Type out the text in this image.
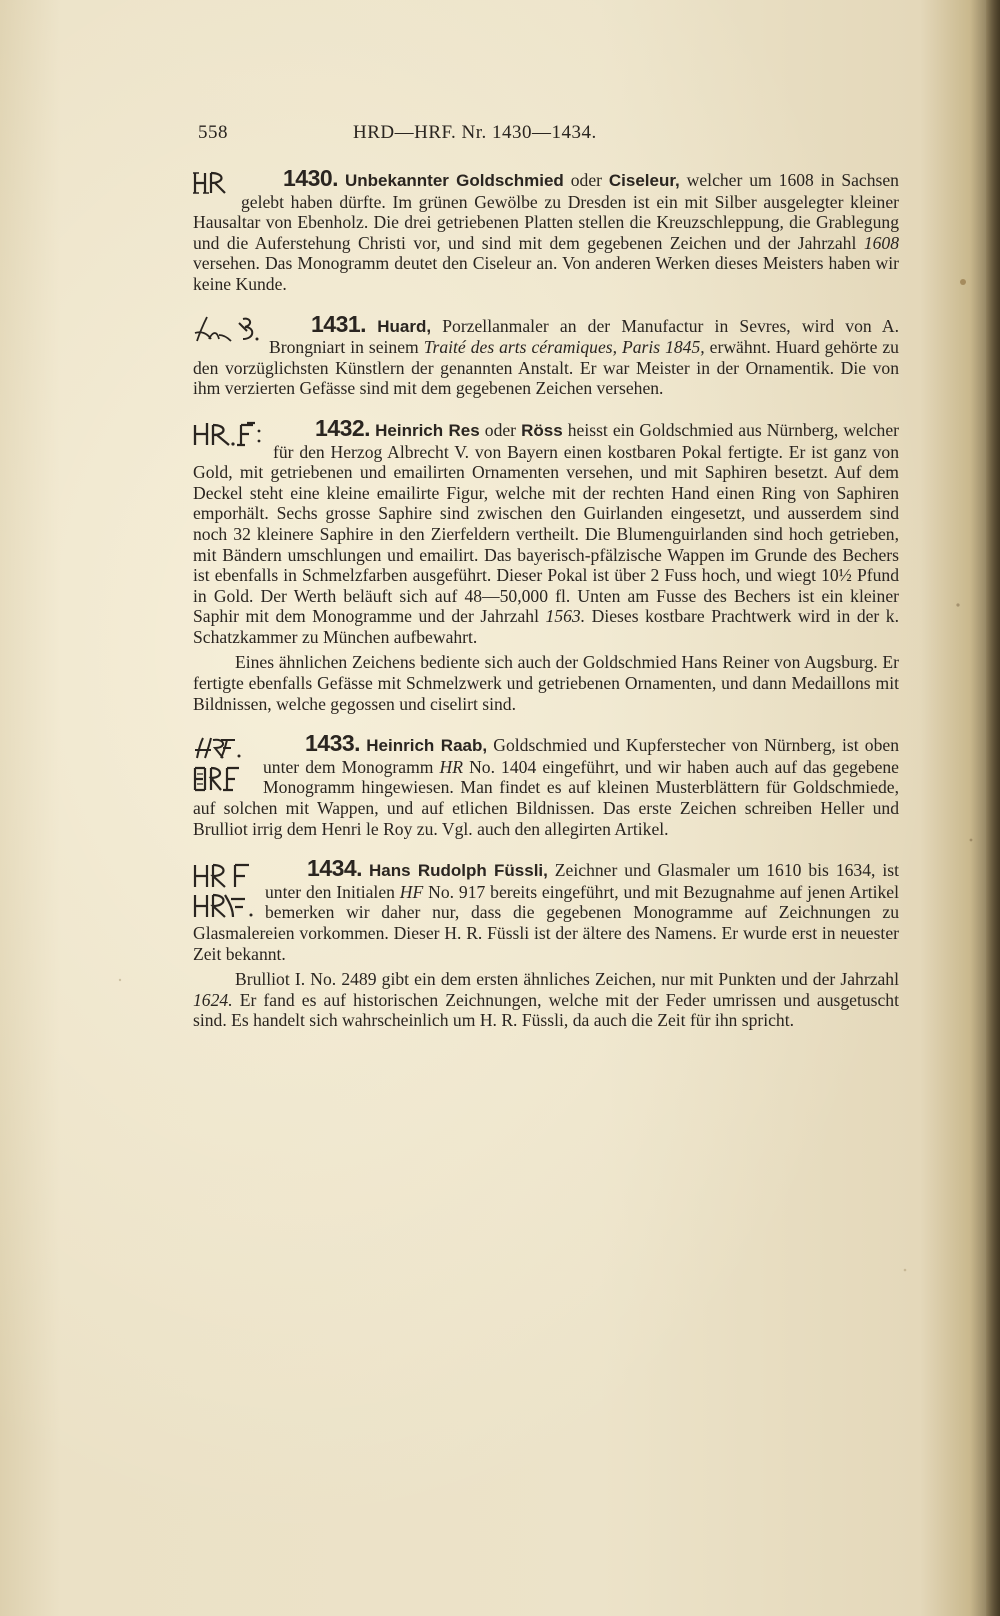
558	HRD—HRF. Nr. 1430—1434.

1430. Unbekannter Goldschmied oder Ciseleur, welcher um 1608 in Sachsen gelebt haben dürfte. Im grünen Gewölbe zu Dresden ist ein mit Silber ausgelegter kleiner Hausaltar von Ebenholz. Die drei getriebenen Platten stellen die Kreuzschleppung, die Grablegung und die Auferstehung Christi vor, und sind mit dem gegebenen Zeichen und der Jahrzahl 1608 versehen. Das Monogramm deutet den Ciseleur an. Von anderen Werken dieses Meisters haben wir keine Kunde.

1431. Huard, Porzellanmaler an der Manufactur in Sevres, wird von A. Brongniart in seinem Traité des arts céramiques, Paris 1845, erwähnt. Huard gehörte zu den vorzüglichsten Künstlern der genannten Anstalt. Er war Meister in der Ornamentik. Die von ihm verzierten Gefässe sind mit dem gegebenen Zeichen versehen.

1432. Heinrich Res oder Röss heisst ein Goldschmied aus Nürnberg, welcher für den Herzog Albrecht V. von Bayern einen kostbaren Pokal fertigte. Er ist ganz von Gold, mit getriebenen und emailirten Ornamenten versehen, und mit Saphiren besetzt. Auf dem Deckel steht eine kleine emailirte Figur, welche mit der rechten Hand einen Ring von Saphiren emporhält. Sechs grosse Saphire sind zwischen den Guirlanden eingesetzt, und ausserdem sind noch 32 kleinere Saphire in den Zierfeldern vertheilt. Die Blumenguirlanden sind hoch getrieben, mit Bändern umschlungen und emailirt. Das bayerisch-pfälzische Wappen im Grunde des Bechers ist ebenfalls in Schmelzfarben ausgeführt. Dieser Pokal ist über 2 Fuss hoch, und wiegt 10½ Pfund in Gold. Der Werth beläuft sich auf 48—50,000 fl. Unten am Fusse des Bechers ist ein kleiner Saphir mit dem Monogramme und der Jahrzahl 1563. Dieses kostbare Prachtwerk wird in der k. Schatzkammer zu München aufbewahrt.

Eines ähnlichen Zeichens bediente sich auch der Goldschmied Hans Reiner von Augsburg. Er fertigte ebenfalls Gefässe mit Schmelzwerk und getriebenen Ornamenten, und dann Medaillons mit Bildnissen, welche gegossen und ciselirt sind.

1433. Heinrich Raab, Goldschmied und Kupferstecher von Nürnberg, ist oben unter dem Monogramm HR No. 1404 eingeführt, und wir haben auch auf das gegebene Monogramm hingewiesen. Man findet es auf kleinen Musterblättern für Goldschmiede, auf solchen mit Wappen, und auf etlichen Bildnissen. Das erste Zeichen schreiben Heller und Brulliot irrig dem Henri le Roy zu. Vgl. auch den allegirten Artikel.

1434. Hans Rudolph Füssli, Zeichner und Glasmaler um 1610 bis 1634, ist unter den Initialen HF No. 917 bereits eingeführt, und mit Bezugnahme auf jenen Artikel bemerken wir daher nur, dass die gegebenen Monogramme auf Zeichnungen zu Glasmalereien vorkommen. Dieser H. R. Füssli ist der ältere des Namens. Er wurde erst in neuester Zeit bekannt.

Brulliot I. No. 2489 gibt ein dem ersten ähnliches Zeichen, nur mit Punkten und der Jahrzahl 1624. Er fand es auf historischen Zeichnungen, welche mit der Feder umrissen und ausgetuscht sind. Es handelt sich wahrscheinlich um H. R. Füssli, da auch die Zeit für ihn spricht.
